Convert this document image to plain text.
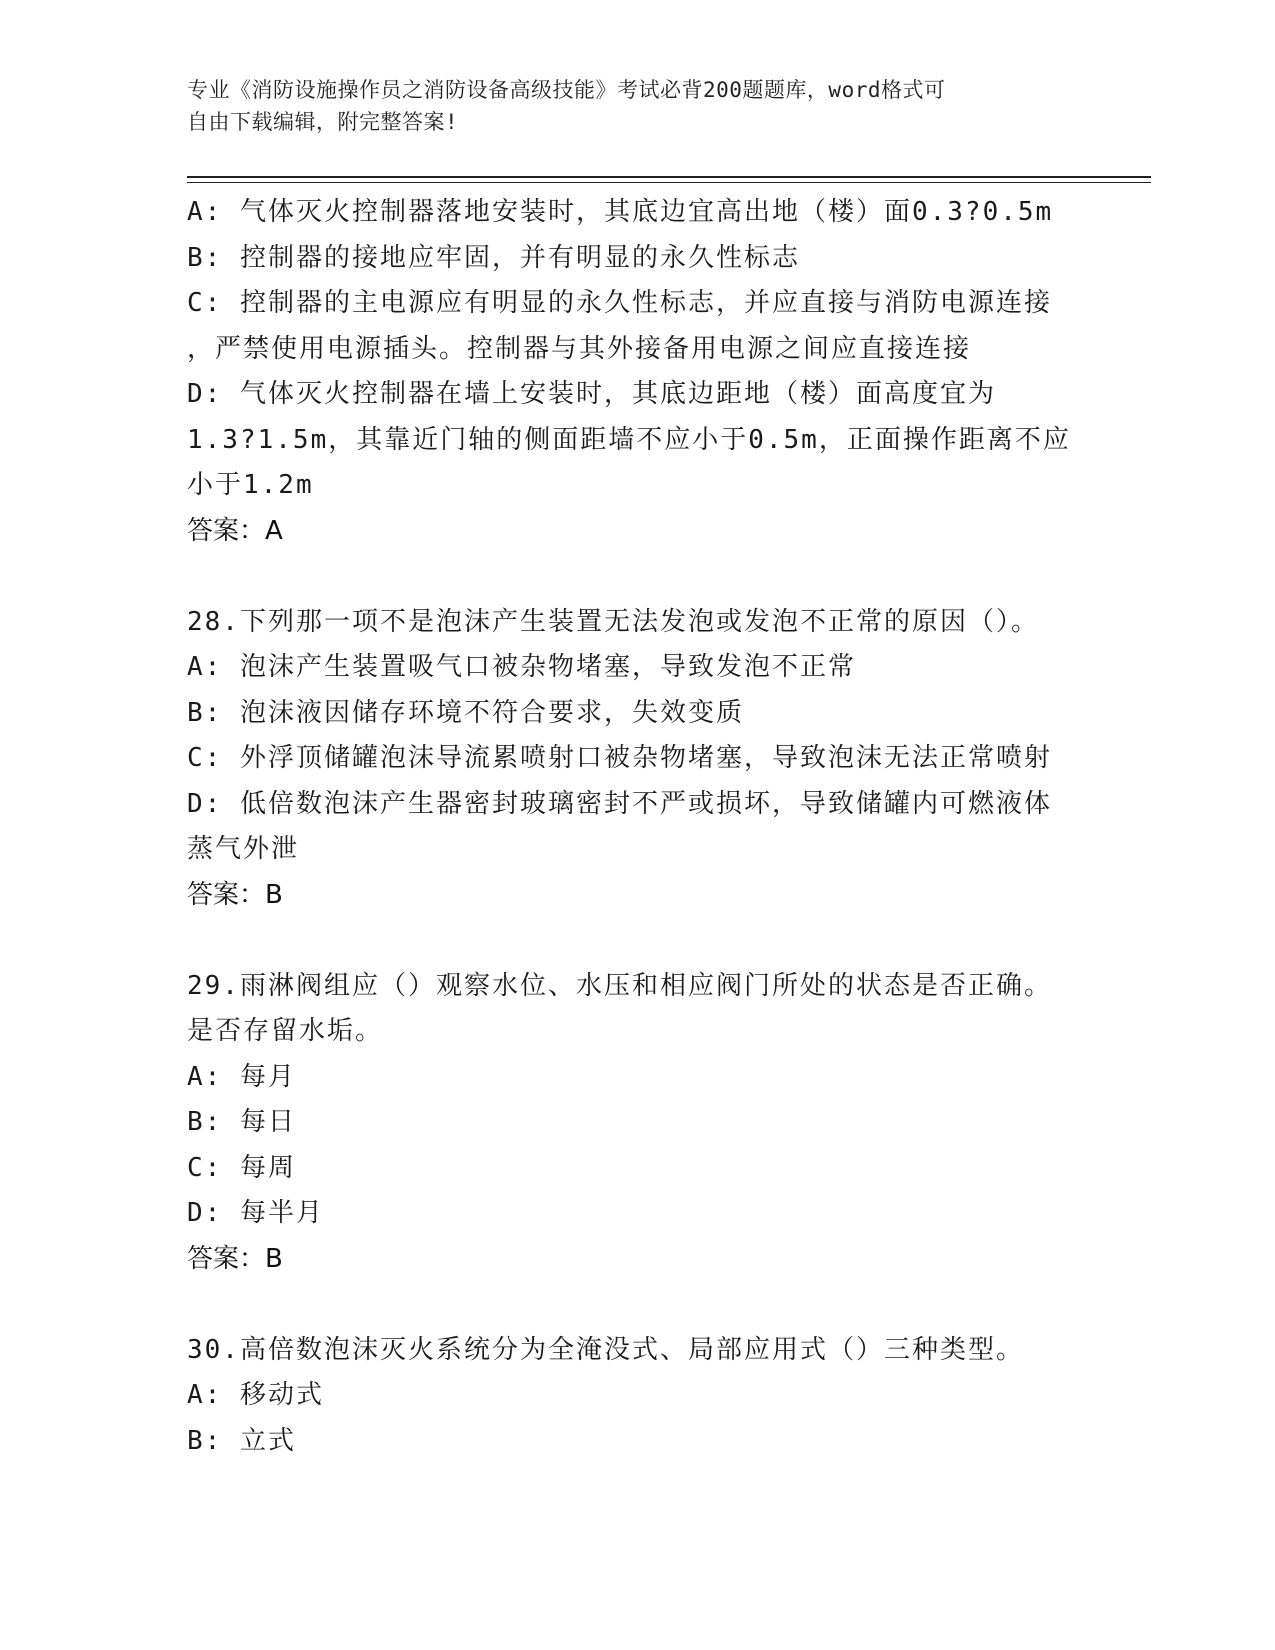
专业《消防设施操作员之消防设备高级技能》考试必背200题题库，word格式可
自由下载编辑，附完整答案!
A: 气体灭火控制器落地安装时，其底边宜高出地（楼）面0.3?0.5m
B: 控制器的接地应牢固，并有明显的永久性标志
C: 控制器的主电源应有明显的永久性标志，并应直接与消防电源连接
，严禁使用电源插头。控制器与其外接备用电源之间应直接连接
D: 气体灭火控制器在墙上安装时，其底边距地（楼）面高度宜为
1.3?1.5m，其靠近门轴的侧面距墙不应小于0.5m，正面操作距离不应
小于1.2m
答案：A
28.下列那一项不是泡沫产生装置无法发泡或发泡不正常的原因（）。
A: 泡沫产生装置吸气口被杂物堵塞，导致发泡不正常
B: 泡沫液因储存环境不符合要求，失效变质
C: 外浮顶储罐泡沫导流累喷射口被杂物堵塞，导致泡沫无法正常喷射
D: 低倍数泡沫产生器密封玻璃密封不严或损坏，导致储罐内可燃液体
蒸气外泄
答案：B
29.雨淋阀组应（）观察水位、水压和相应阀门所处的状态是否正确。
是否存留水垢。
A: 每月
B: 每日
C: 每周
D: 每半月
答案：B
30.高倍数泡沫灭火系统分为全淹没式、局部应用式（）三种类型。
A: 移动式
B: 立式
